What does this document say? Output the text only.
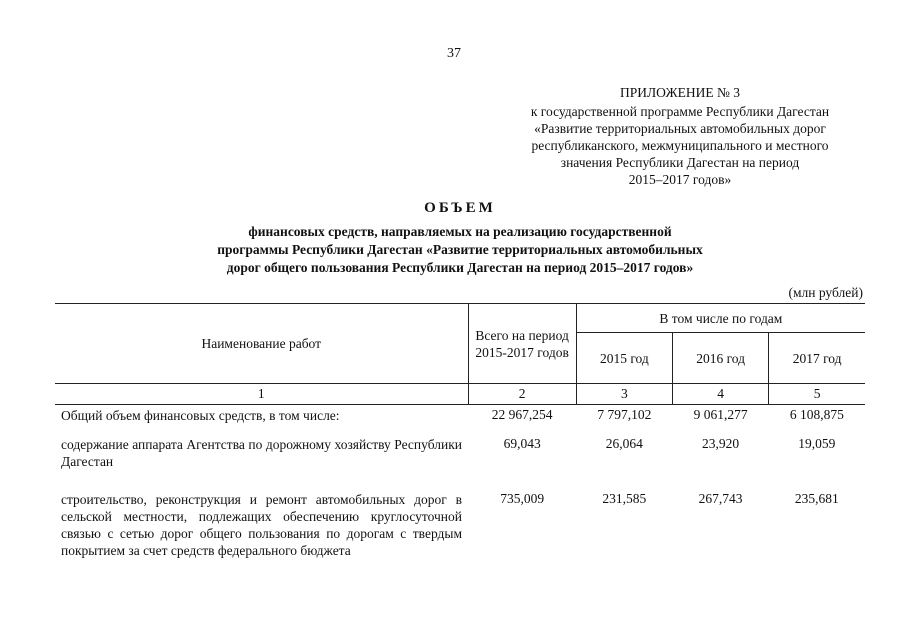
37
ПРИЛОЖЕНИЕ № 3
к государственной программе Республики Дагестан
«Развитие территориальных автомобильных дорог
республиканского, межмуниципального и местного
значения Республики Дагестан на период
2015–2017 годов»
ОБЪЕМ
финансовых средств, направляемых на реализацию государственной
программы Республики Дагестан «Развитие территориальных автомобильных
дорог общего пользования Республики Дагестан на период 2015–2017 годов»
(млн рублей)
Наименование работ	Всего на период 2015-2017 годов	В том числе по годам		
		2015 год	2016 год	2017 год
1	2	3	4	5
Общий объем финансовых средств, в том числе:	22 967,254	7 797,102	9 061,277	6 108,875
содержание аппарата Агентства по дорожному хозяйству Республики Дагестан	69,043	26,064	23,920	19,059
строительство, реконструкция и ремонт автомобильных дорог в сельской местности, подлежащих обеспечению круглосуточной связью с сетью дорог общего пользования по дорогам с твердым покрытием за счет средств федерального бюджета	735,009	231,585	267,743	235,681
